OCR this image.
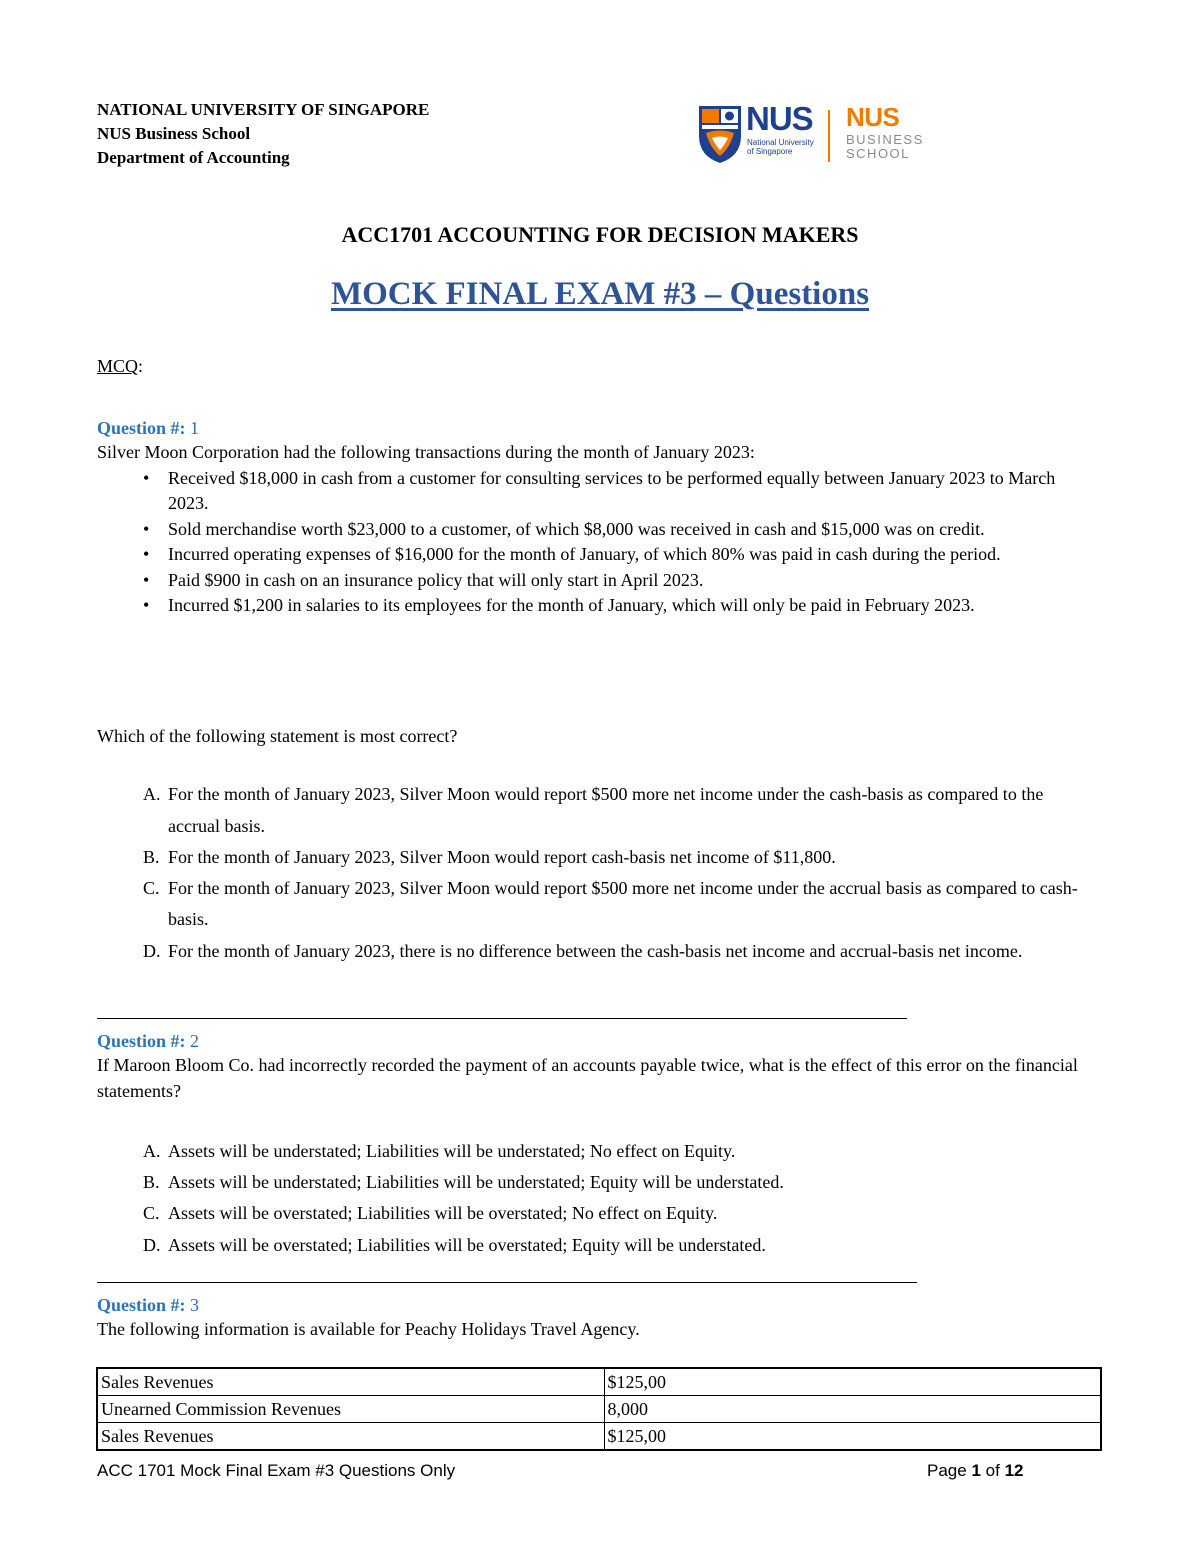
NATIONAL UNIVERSITY OF SINGAPORE
NUS Business School
Department of Accounting
NUS
National University
of Singapore
NUS
BUSINESS
SCHOOL
ACC1701 ACCOUNTING FOR DECISION MAKERS
MOCK FINAL EXAM #3 – Questions
MCQ:
Question #: 1
Silver Moon Corporation had the following transactions during the month of January 2023:
• Received $18,000 in cash from a customer for consulting services to be performed equally between January 2023 to March 2023.
• Sold merchandise worth $23,000 to a customer, of which $8,000 was received in cash and $15,000 was on credit.
• Incurred operating expenses of $16,000 for the month of January, of which 80% was paid in cash during the period.
• Paid $900 in cash on an insurance policy that will only start in April 2023.
• Incurred $1,200 in salaries to its employees for the month of January, which will only be paid in February 2023.
Which of the following statement is most correct?
A. For the month of January 2023, Silver Moon would report $500 more net income under the cash-basis as compared to the accrual basis.
B. For the month of January 2023, Silver Moon would report cash-basis net income of $11,800.
C. For the month of January 2023, Silver Moon would report $500 more net income under the accrual basis as compared to cash-basis.
D. For the month of January 2023, there is no difference between the cash-basis net income and accrual-basis net income.
Question #: 2
If Maroon Bloom Co. had incorrectly recorded the payment of an accounts payable twice, what is the effect of this error on the financial statements?
A. Assets will be understated; Liabilities will be understated; No effect on Equity.
B. Assets will be understated; Liabilities will be understated; Equity will be understated.
C. Assets will be overstated; Liabilities will be overstated; No effect on Equity.
D. Assets will be overstated; Liabilities will be overstated; Equity will be understated.
Question #: 3
The following information is available for Peachy Holidays Travel Agency.
Sales Revenues	$125,00
Unearned Commission Revenues	8,000
Sales Revenues	$125,00
ACC 1701 Mock Final Exam #3 Questions Only	Page 1 of 12
